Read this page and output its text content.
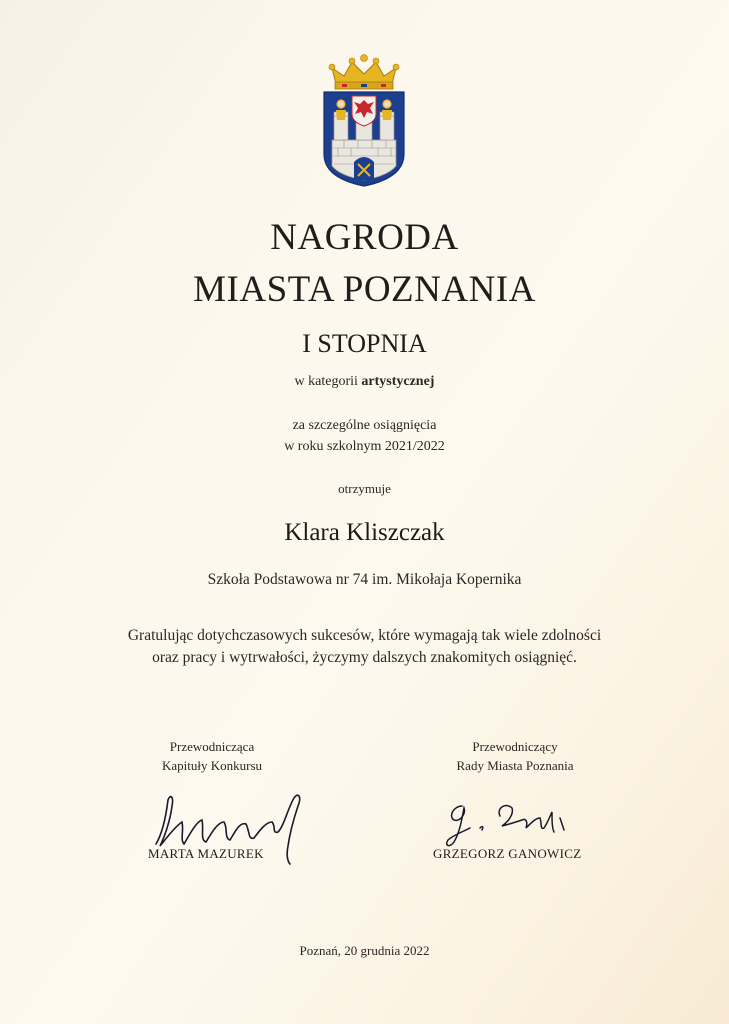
NAGRODA
MIASTA POZNANIA
I STOPNIA
w kategorii artystycznej
za szczególne osiągnięcia
w roku szkolnym 2021/2022
otrzymuje
Klara Kliszczak
Szkoła Podstawowa nr 74 im. Mikołaja Kopernika
Gratulując dotychczasowych sukcesów, które wymagają tak wiele zdolności
oraz pracy i wytrwałości, życzymy dalszych znakomitych osiągnięć.
Przewodnicząca
Kapituły Konkursu
MARTA MAZUREK
Przewodniczący
Rady Miasta Poznania
GRZEGORZ GANOWICZ
Poznań, 20 grudnia 2022
